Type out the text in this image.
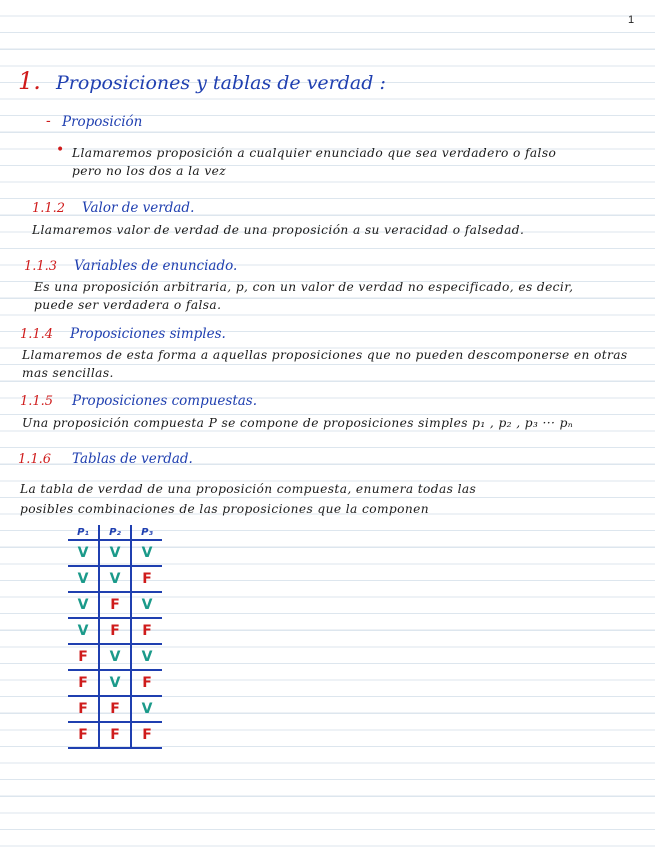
1
1. Proposiciones y tablas de verdad :
- Proposición
• Llamaremos proposición a cualquier enunciado que sea verdadero o falso
pero no los dos a la vez
1.1.2 Valor de verdad.
Llamaremos valor de verdad de una proposición a su veracidad o falsedad.
1.1.3 Variables de enunciado.
Es una proposición arbitraria, p, con un valor de verdad no especificado, es decir,
puede ser verdadera o falsa.
1.1.4 Proposiciones simples.
Llamaremos de esta forma a aquellas proposiciones que no pueden descomponerse en otras
mas sencillas.
1.1.5 Proposiciones compuestas.
Una proposición compuesta P se compone de proposiciones simples p₁ , p₂ , p₃ ··· pₙ
1.1.6 Tablas de verdad.
La tabla de verdad de una proposición compuesta, enumera todas las
posibles combinaciones de las proposiciones que la componen
P₁	P₂	P₃
V	V	V
V	V	F
V	F	V
V	F	F
F	V	V
F	V	F
F	F	V
F	F	F
